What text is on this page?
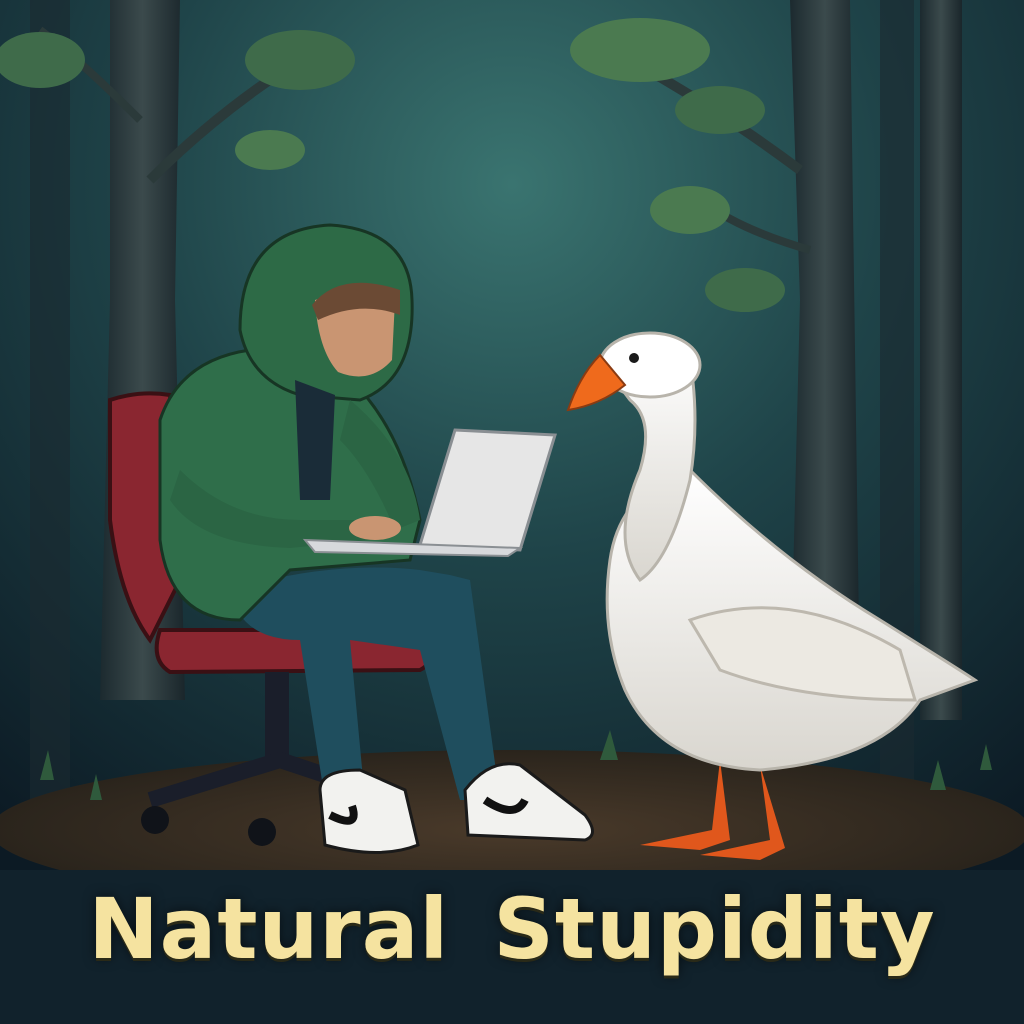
Natural Stupidity
